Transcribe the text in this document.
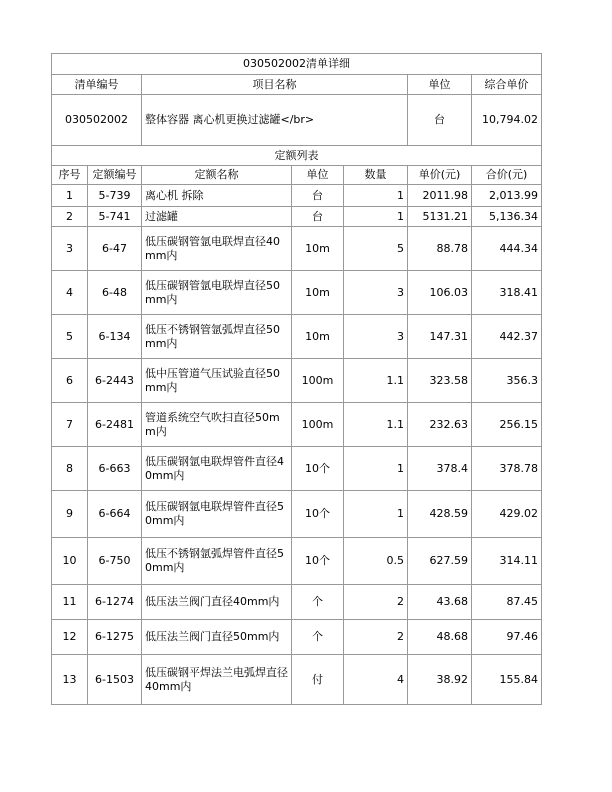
030502002清单详细						
清单编号		项目名称			单位	综合单价
030502002		整体容器 离心机更换过滤罐</br>			台	10,794.02
定额列表						
序号	定额编号	定额名称	单位	数量	单价(元)	合价(元)
1	5-739	离心机 拆除	台	1	2011.98	2,013.99
2	5-741	过滤罐	台	1	5131.21	5,136.34
3	6-47	低压碳钢管氩电联焊直径40mm内	10m	5	88.78	444.34
4	6-48	低压碳钢管氩电联焊直径50mm内	10m	3	106.03	318.41
5	6-134	低压不锈钢管氩弧焊直径50mm内	10m	3	147.31	442.37
6	6-2443	低中压管道气压试验直径50mm内	100m	1.1	323.58	356.3
7	6-2481	管道系统空气吹扫直径50mm内	100m	1.1	232.63	256.15
8	6-663	低压碳钢氩电联焊管件直径40mm内	10个	1	378.4	378.78
9	6-664	低压碳钢氩电联焊管件直径50mm内	10个	1	428.59	429.02
10	6-750	低压不锈钢氩弧焊管件直径50mm内	10个	0.5	627.59	314.11
11	6-1274	低压法兰阀门直径40mm内	个	2	43.68	87.45
12	6-1275	低压法兰阀门直径50mm内	个	2	48.68	97.46
13	6-1503	低压碳钢平焊法兰电弧焊直径40mm内	付	4	38.92	155.84
